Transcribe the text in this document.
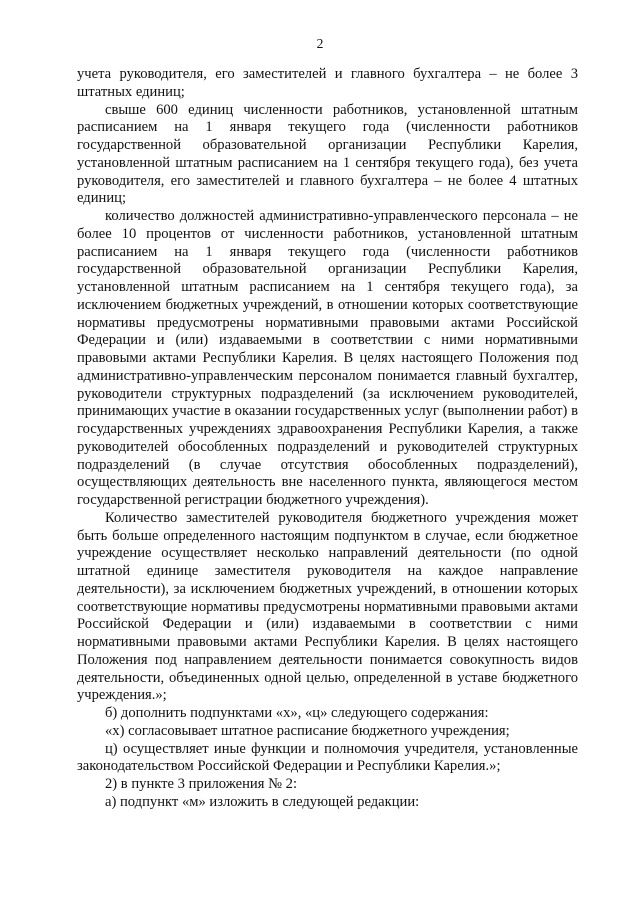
2

учета руководителя, его заместителей и главного бухгалтера – не более 3 штатных единиц;

свыше 600 единиц численности работников, установленной штатным расписанием на 1 января текущего года (численности работников государственной образовательной организации Республики Карелия, установленной штатным расписанием на 1 сентября текущего года), без учета руководителя, его заместителей и главного бухгалтера – не более 4 штатных единиц;

количество должностей административно-управленческого персонала – не более 10 процентов от численности работников, установленной штатным расписанием на 1 января текущего года (численности работников государственной образовательной организации Республики Карелия, установленной штатным расписанием на 1 сентября текущего года), за исключением бюджетных учреждений, в отношении которых соответствующие нормативы предусмотрены нормативными правовыми актами Российской Федерации и (или) издаваемыми в соответствии с ними нормативными правовыми актами Республики Карелия. В целях настоящего Положения под административно-управленческим персоналом понимается главный бухгалтер, руководители структурных подразделений (за исключением руководителей, принимающих участие в оказании государственных услуг (выполнении работ) в государственных учреждениях здравоохранения Республики Карелия, а также руководителей обособленных подразделений и руководителей структурных подразделений (в случае отсутствия обособленных подразделений), осуществляющих деятельность вне населенного пункта, являющегося местом государственной регистрации бюджетного учреждения).

Количество заместителей руководителя бюджетного учреждения может быть больше определенного настоящим подпунктом в случае, если бюджетное учреждение осуществляет несколько направлений деятельности (по одной штатной единице заместителя руководителя на каждое направление деятельности), за исключением бюджетных учреждений, в отношении которых соответствующие нормативы предусмотрены нормативными правовыми актами Российской Федерации и (или) издаваемыми в соответствии с ними нормативными правовыми актами Республики Карелия. В целях настоящего Положения под направлением деятельности понимается совокупность видов деятельности, объединенных одной целью, определенной в уставе бюджетного учреждения.»;

б) дополнить подпунктами «х», «ц» следующего содержания:

«х) согласовывает штатное расписание бюджетного учреждения;

ц) осуществляет иные функции и полномочия учредителя, установленные законодательством Российской Федерации и Республики Карелия.»;

2) в пункте 3 приложения № 2:

а) подпункт «м» изложить в следующей редакции:
